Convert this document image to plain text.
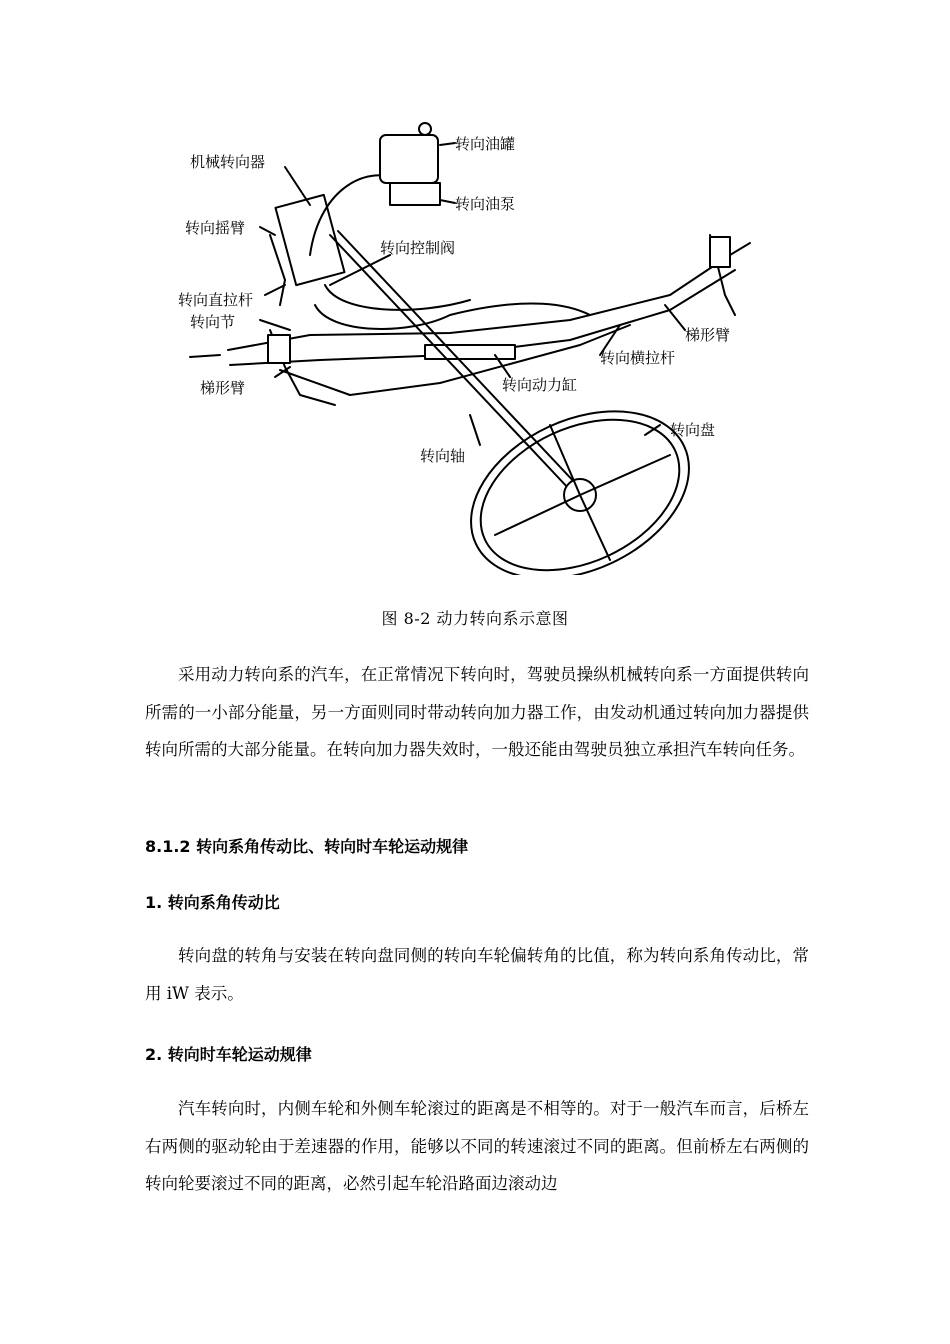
转向油罐
机械转向器
转向油泵
转向摇臂
转向控制阀
转向直拉杆
转向节
梯形臂
转向横拉杆
梯形臂	转向动力缸
转向盘
转向轴
图 8-2 动力转向系示意图

采用动力转向系的汽车，在正常情况下转向时，驾驶员操纵机械转向系一方面提供转向所需的一小部分能量，另一方面则同时带动转向加力器工作，由发动机通过转向加力器提供转向所需的大部分能量。在转向加力器失效时，一般还能由驾驶员独立承担汽车转向任务。

8.1.2 转向系角传动比、转向时车轮运动规律
1. 转向系角传动比

转向盘的转角与安装在转向盘同侧的转向车轮偏转角的比值，称为转向系角传动比，常用 iW 表示。

2. 转向时车轮运动规律

汽车转向时，内侧车轮和外侧车轮滚过的距离是不相等的。对于一般汽车而言，后桥左右两侧的驱动轮由于差速器的作用，能够以不同的转速滚过不同的距离。但前桥左右两侧的转向轮要滚过不同的距离，必然引起车轮沿路面边滚动边
